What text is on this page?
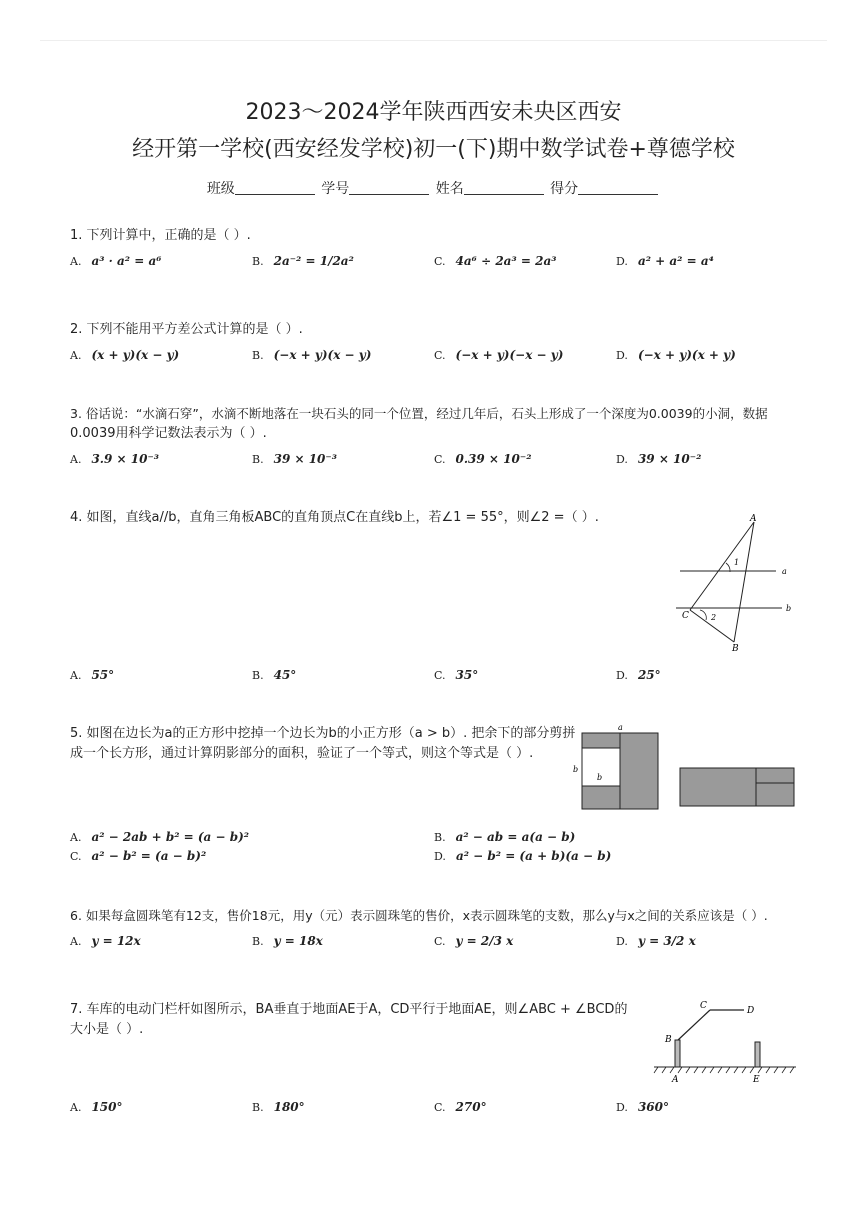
2023～2024学年陕西西安未央区西安
经开第一学校(西安经发学校)初一(下)期中数学试卷+尊德学校
班级	学号	姓名	得分
1. 下列计算中，正确的是（ ）.
A. a³ · a² = a⁶	B. 2a⁻² = 1/2a²	C. 4a⁶ ÷ 2a³ = 2a³	D. a² + a² = a⁴
2. 下列不能用平方差公式计算的是（ ）.
A. (x + y)(x − y)	B. (−x + y)(x − y)	C. (−x + y)(−x − y)	D. (−x + y)(x + y)
3. 俗话说：“水滴石穿”，水滴不断地落在一块石头的同一个位置，经过几年后，石头上形成了一个深度为0.0039的小洞，数据
0.0039用科学记数法表示为（ ）.
A. 3.9 × 10⁻³	B. 39 × 10⁻³	C. 0.39 × 10⁻²	D. 39 × 10⁻²
4. 如图，直线a//b，直角三角板ABC的直角顶点C在直线b上，若∠1 = 55°，则∠2 =（ ）.	A
1
a
b
C	2
B
A. 55°	B. 45°	C. 35°	D. 25°
5. 如图在边长为a的正方形中挖掉一个边长为b的小正方形（a > b）. 把余下的部分剪拼
成一个长方形，通过计算阴影部分的面积，验证了一个等式，则这个等式是（ ）.
a
b
b
A. a² − 2ab + b² = (a − b)²	B. a² − ab = a(a − b)
C. a² − b² = (a − b)²	D. a² − b² = (a + b)(a − b)
6. 如果每盒圆珠笔有12支，售价18元，用y（元）表示圆珠笔的售价，x表示圆珠笔的支数，那么y与x之间的关系应该是（ ）.
A. y = 12x	B. y = 18x	C. y = 2/3 x	D. y = 3/2 x
7. 车库的电动门栏杆如图所示，BA垂直于地面AE于A，CD平行于地面AE，则∠ABC + ∠BCD的
大小是（ ）.
C	D
B
A	E
A. 150°	B. 180°	C. 270°	D. 360°
